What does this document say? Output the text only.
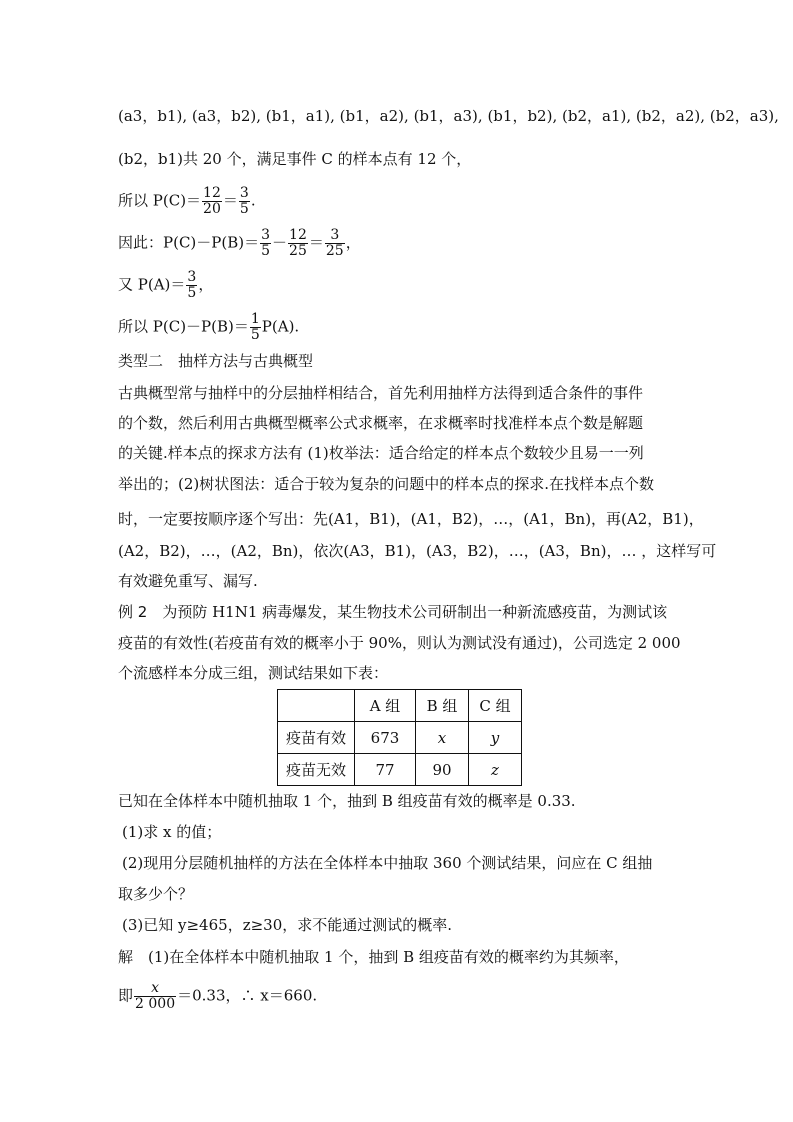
(a3，b1), (a3，b2), (b1，a1), (b1，a2), (b1，a3), (b1，b2), (b2，a1), (b2，a2), (b2，a3),
(b2，b1)共 20 个，满足事件 C 的样本点有 12 个，
所以 $P(C)= \frac{12}{20} = \frac{3}{5}$ .
因此：$P(C)-P(B)= \frac{3}{5} - \frac{12}{25} = \frac{3}{25}$ ，
又 $P(A)= \frac{3}{5}$ ，
所以 $P(C)-P(B)= \frac{1}{5} P(A)$.
类型二　抽样方法与古典概型
古典概型常与抽样中的分层抽样相结合，首先利用抽样方法得到适合条件的事件
的个数，然后利用古典概型概率公式求概率，在求概率时找准样本点个数是解题
的关键.样本点的探求方法有 (1)枚举法：适合给定的样本点个数较少且易一一列
举出的；(2)树状图法：适合于较为复杂的问题中的样本点的探求.在找样本点个数
时，一定要按顺序逐个写出：先(A1，B1)，(A1，B2)，…，(A1，Bn)，再(A2，B1)，
(A2，B2)，…，(A2，Bn)，依次(A3，B1)，(A3，B2)，…，(A3，Bn)，… ，这样写可
有效避免重写、漏写.
例 2　为预防 H1N1 病毒爆发，某生物技术公司研制出一种新流感疫苗，为测试该
疫苗的有效性(若疫苗有效的概率小于 90%，则认为测试没有通过)，公司选定 2 000
个流感样本分成三组，测试结果如下表：
	A 组	B 组	C 组
疫苗有效	673	x	y
疫苗无效	77	90	z
已知在全体样本中随机抽取 1 个，抽到 B 组疫苗有效的概率是 0.33.
(1)求 x 的值；
(2)现用分层随机抽样的方法在全体样本中抽取 360 个测试结果，问应在 C 组抽
取多少个？
(3)已知 y≥465，z≥30，求不能通过测试的概率.
解　(1)在全体样本中随机抽取 1 个，抽到 B 组疫苗有效的概率约为其频率，
即 $\frac{x}{2 000} =0.33$，∴ x＝660.
